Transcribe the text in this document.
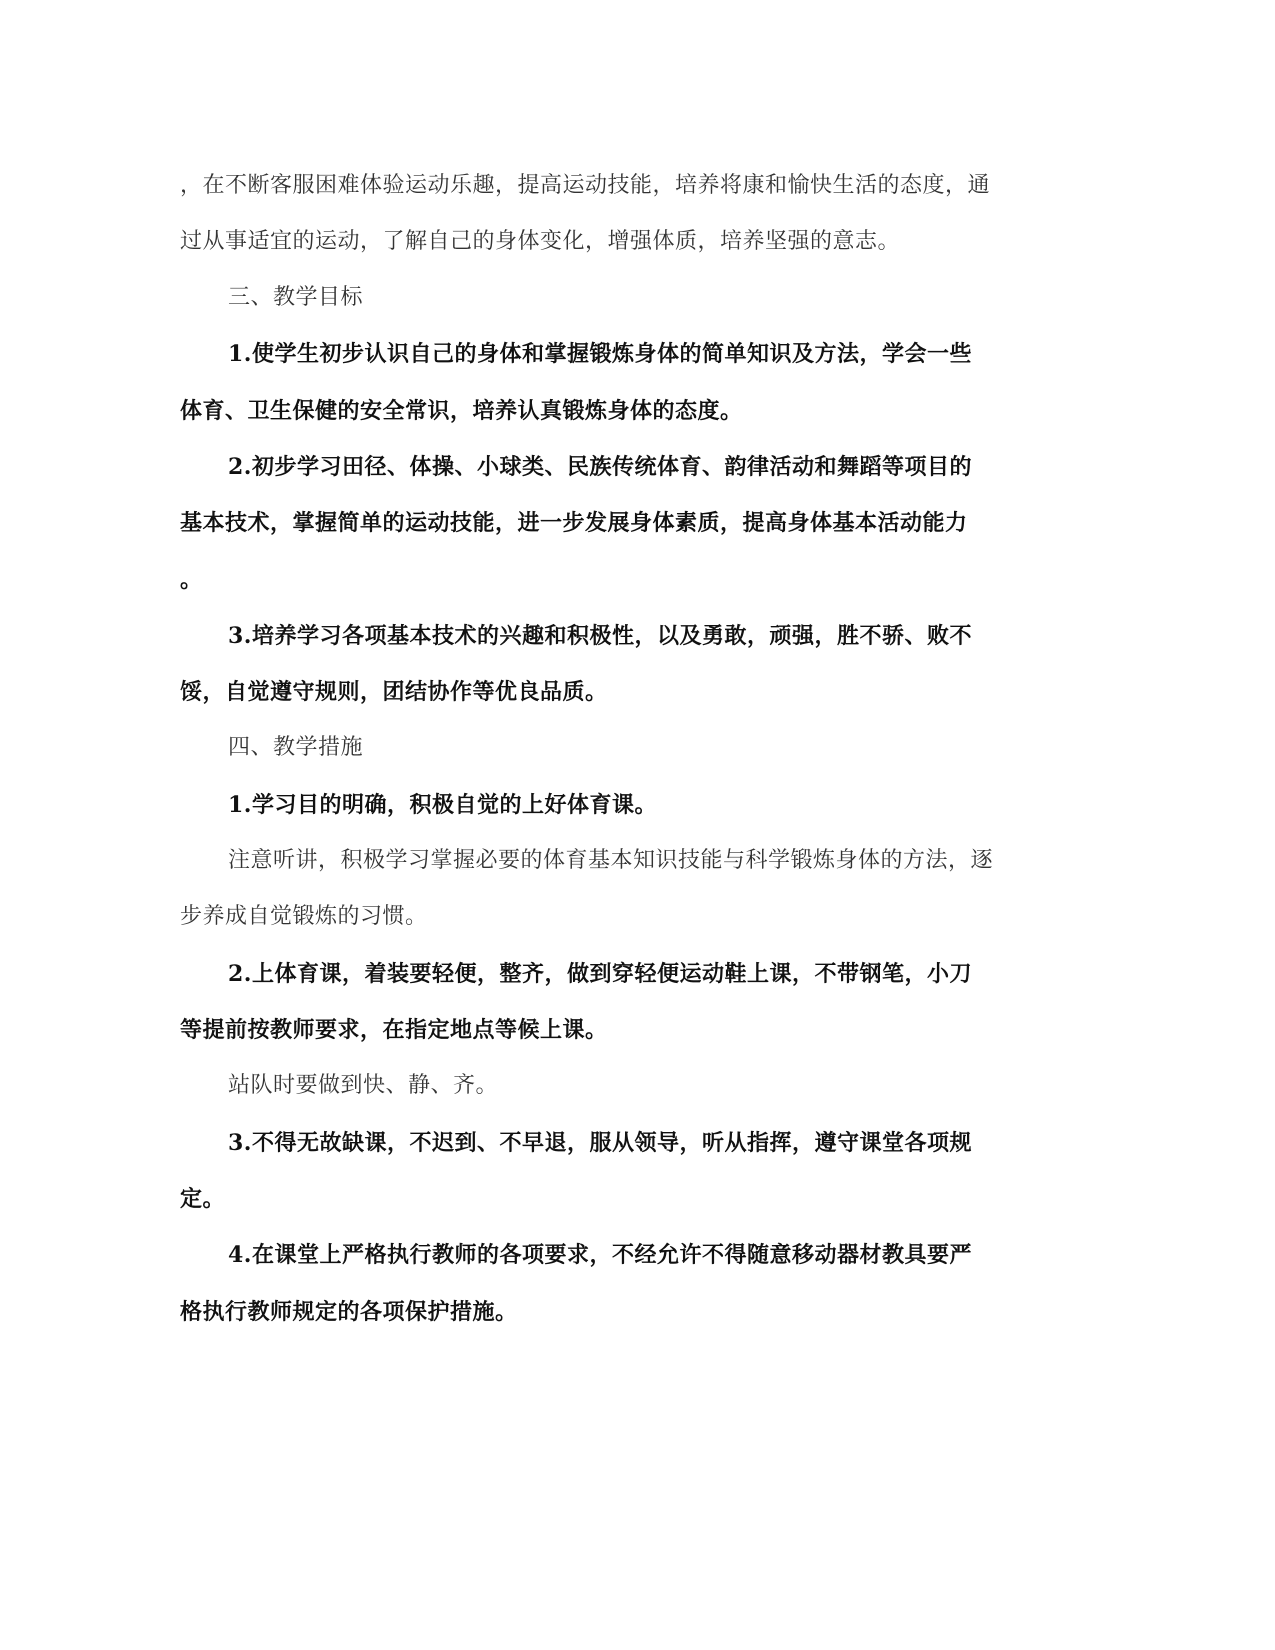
，在不断客服困难体验运动乐趣，提高运动技能，培养将康和愉快生活的态度，通
过从事适宜的运动，了解自己的身体变化，增强体质，培养坚强的意志。
三、教学目标
1.使学生初步认识自己的身体和掌握锻炼身体的简单知识及方法，学会一些
体育、卫生保健的安全常识，培养认真锻炼身体的态度。
2.初步学习田径、体操、小球类、民族传统体育、韵律活动和舞蹈等项目的
基本技术，掌握简单的运动技能，进一步发展身体素质，提高身体基本活动能力
。
3.培养学习各项基本技术的兴趣和积极性，以及勇敢，顽强，胜不骄、败不
馁，自觉遵守规则，团结协作等优良品质。
四、教学措施
1.学习目的明确，积极自觉的上好体育课。
注意听讲，积极学习掌握必要的体育基本知识技能与科学锻炼身体的方法，逐
步养成自觉锻炼的习惯。
2.上体育课，着装要轻便，整齐，做到穿轻便运动鞋上课，不带钢笔，小刀
等提前按教师要求，在指定地点等候上课。
站队时要做到快、静、齐。
3.不得无故缺课，不迟到、不早退，服从领导，听从指挥，遵守课堂各项规
定。
4.在课堂上严格执行教师的各项要求，不经允许不得随意移动器材教具要严
格执行教师规定的各项保护措施。
